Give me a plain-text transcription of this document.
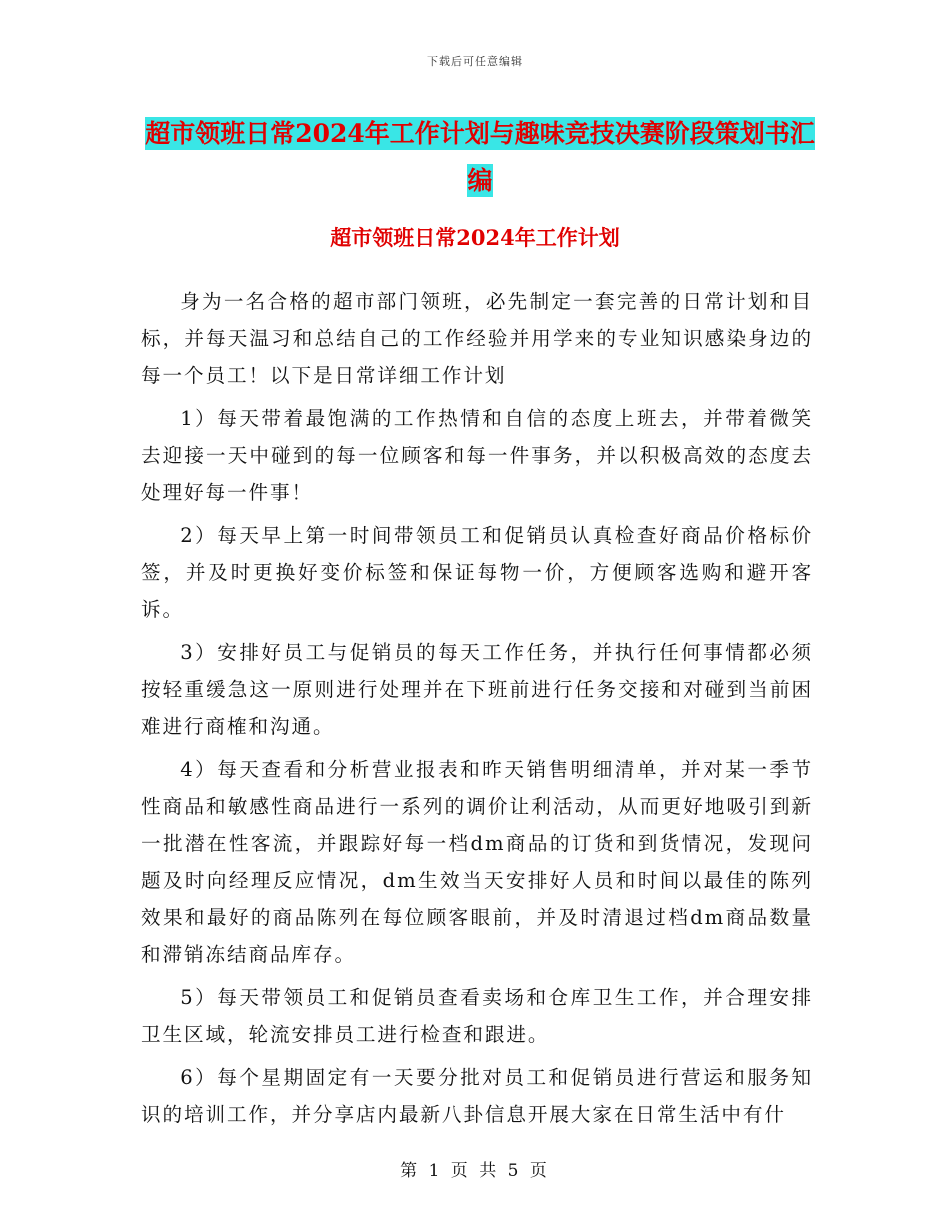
下载后可任意编辑
超市领班日常2024年工作计划与趣味竞技决赛阶段策划书汇编
超市领班日常2024年工作计划

身为一名合格的超市部门领班，必先制定一套完善的日常计划和目标，并每天温习和总结自己的工作经验并用学来的专业知识感染身边的每一个员工！以下是日常详细工作计划

1）每天带着最饱满的工作热情和自信的态度上班去，并带着微笑去迎接一天中碰到的每一位顾客和每一件事务，并以积极高效的态度去处理好每一件事！

2）每天早上第一时间带领员工和促销员认真检查好商品价格标价签，并及时更换好变价标签和保证每物一价，方便顾客选购和避开客诉。

3）安排好员工与促销员的每天工作任务，并执行任何事情都必须按轻重缓急这一原则进行处理并在下班前进行任务交接和对碰到当前困难进行商榷和沟通。

4）每天查看和分析营业报表和昨天销售明细清单，并对某一季节性商品和敏感性商品进行一系列的调价让利活动，从而更好地吸引到新一批潜在性客流，并跟踪好每一档dm商品的订货和到货情况，发现问题及时向经理反应情况，dm生效当天安排好人员和时间以最佳的陈列效果和最好的商品陈列在每位顾客眼前，并及时清退过档dm商品数量和滞销冻结商品库存。

5）每天带领员工和促销员查看卖场和仓库卫生工作，并合理安排卫生区域，轮流安排员工进行检查和跟进。

6）每个星期固定有一天要分批对员工和促销员进行营运和服务知识的培训工作，并分享店内最新八卦信息开展大家在日常生活中有什

第 1 页 共 5 页
